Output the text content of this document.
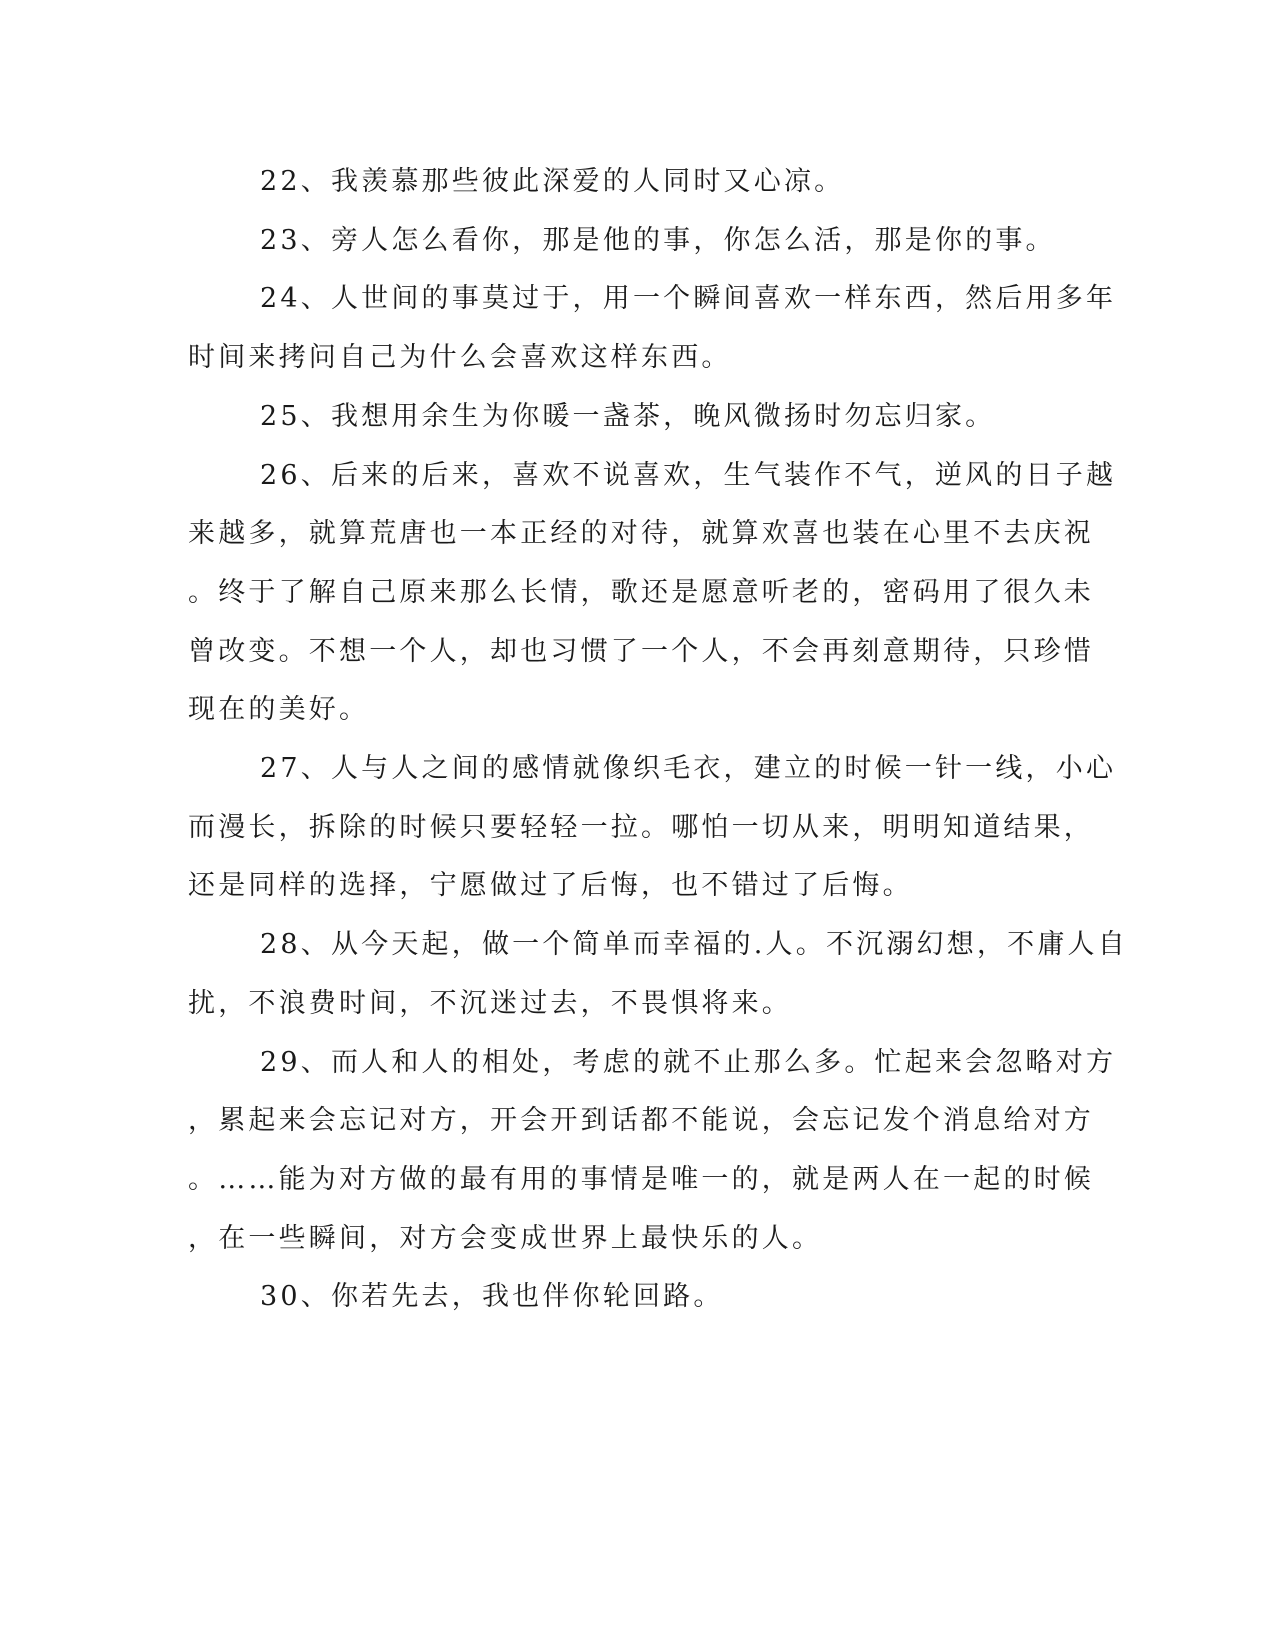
22、我羡慕那些彼此深爱的人同时又心凉。
23、旁人怎么看你，那是他的事，你怎么活，那是你的事。
24、人世间的事莫过于，用一个瞬间喜欢一样东西，然后用多年
时间来拷问自己为什么会喜欢这样东西。
25、我想用余生为你暖一盏茶，晚风微扬时勿忘归家。
26、后来的后来，喜欢不说喜欢，生气装作不气，逆风的日子越
来越多，就算荒唐也一本正经的对待，就算欢喜也装在心里不去庆祝
。终于了解自己原来那么长情，歌还是愿意听老的，密码用了很久未
曾改变。不想一个人，却也习惯了一个人，不会再刻意期待，只珍惜
现在的美好。
27、人与人之间的感情就像织毛衣，建立的时候一针一线，小心
而漫长，拆除的时候只要轻轻一拉。哪怕一切从来，明明知道结果，
还是同样的选择，宁愿做过了后悔，也不错过了后悔。
28、从今天起，做一个简单而幸福的.人。不沉溺幻想，不庸人自
扰，不浪费时间，不沉迷过去，不畏惧将来。
29、而人和人的相处，考虑的就不止那么多。忙起来会忽略对方
，累起来会忘记对方，开会开到话都不能说，会忘记发个消息给对方
。……能为对方做的最有用的事情是唯一的，就是两人在一起的时候
，在一些瞬间，对方会变成世界上最快乐的人。
30、你若先去，我也伴你轮回路。
